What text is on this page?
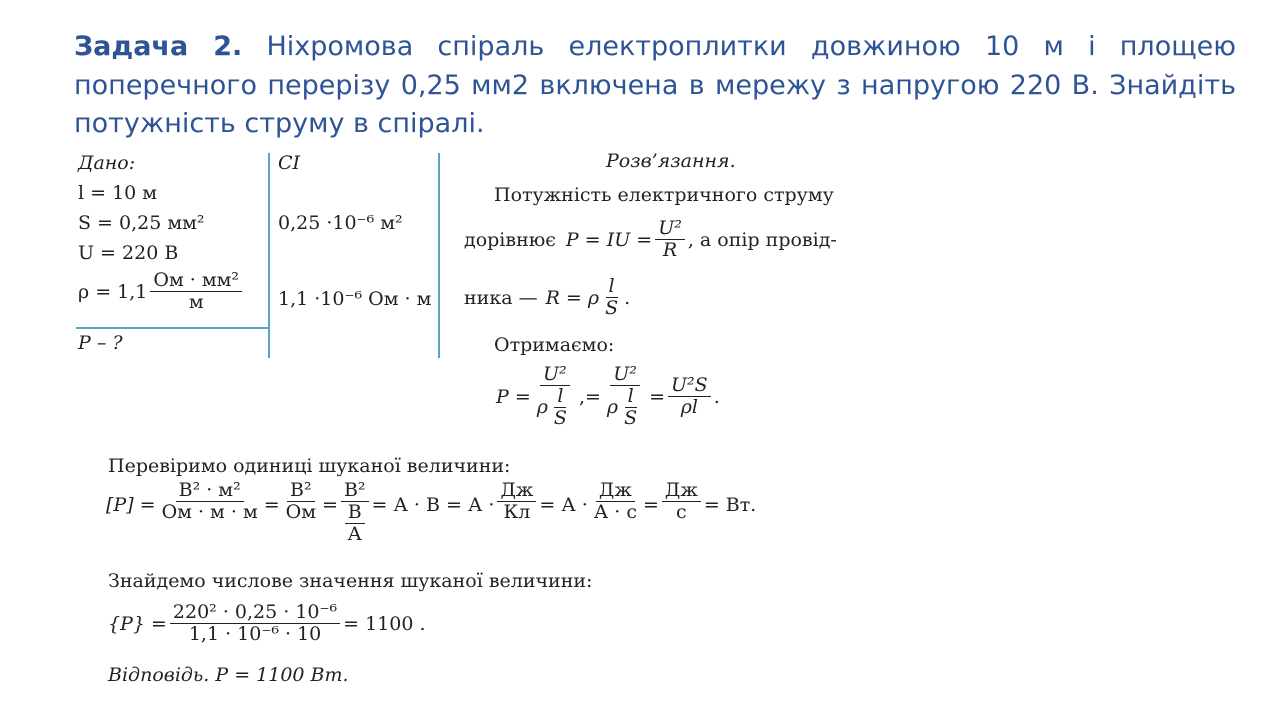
Задача 2. Ніхромова спіраль електроплитки довжиною 10 м і площею поперечного перерізу 0,25 мм2 включена в мережу з напругою 220 В. Знайдіть потужність струму в спіралі.

Дано:
l = 10 м
S = 0,25 мм²
U = 220 В
$\rho = 1,1 \frac{\text{Ом · мм²}}{м}$
P – ?
CI
0,25 ·10⁻⁶ м²
1,1 ·10⁻⁶ Ом · м
Розв’язання.
Потужність електричного струму
дорівнює P = IU = $\frac{\text{U²}}{R}$ , а опір провід-
ника — R = ρ $\frac{l}{S}$ .
Отримаємо:
$P = \frac{\text{U²}}{\rho \frac{l}{S}}$ ,= $\frac{\text{U²}}{\rho \frac{l}{S}} = \frac{\text{U²S}}{\rho l}$ .
Перевіримо одиниці шуканої величини:
$[P] = \frac{\text{В² · м²}}{Ом \cdot м \cdot м} = \frac{\text{В²}}{Ом} = \frac{\text{В²}}{\frac{В}{А}} = А \cdot В = А \cdot \frac{Дж}{Кл} = А \cdot \frac{Дж}{А \cdot с} = \frac{Дж}{с}$ = Вт.
Знайдемо числове значення шуканої величини:
$\{P\} = \frac{\text{220² · 0,25 · 10⁻⁶}}{\text{1,1 · 10⁻⁶ · 10}} = 1100$ .
Відповідь. P = 1100 Вт.
